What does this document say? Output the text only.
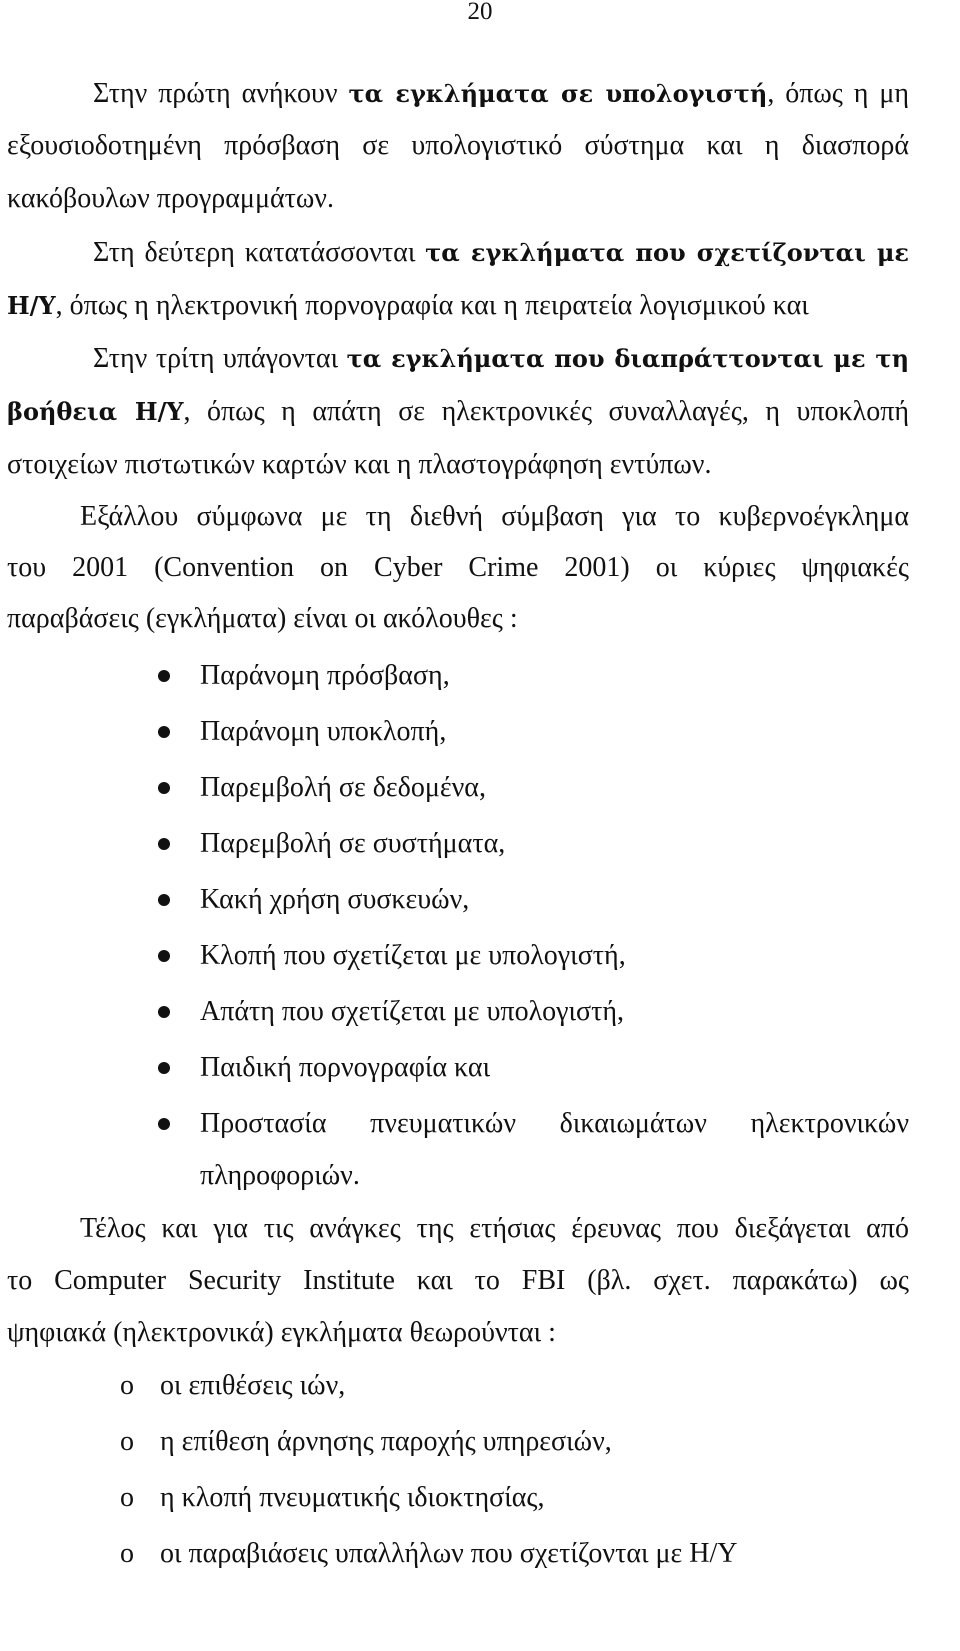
20
Στην πρώτη ανήκουν τα εγκλήματα σε υπολογιστή, όπως η μη
εξουσιοδοτημένη πρόσβαση σε υπολογιστικό σύστημα και η διασπορά
κακόβουλων προγραμμάτων.
Στη δεύτερη κατατάσσονται τα εγκλήματα που σχετίζονται με
Η/Υ, όπως η ηλεκτρονική πορνογραφία και η πειρατεία λογισμικού και
Στην τρίτη υπάγονται τα εγκλήματα που διαπράττονται με τη
βοήθεια Η/Υ, όπως η απάτη σε ηλεκτρονικές συναλλαγές, η υποκλοπή
στοιχείων πιστωτικών καρτών και η πλαστογράφηση εντύπων.
Εξάλλου σύμφωνα με τη διεθνή σύμβαση για το κυβερνοέγκλημα
του 2001 (Convention on Cyber Crime 2001) οι κύριες ψηφιακές
παραβάσεις (εγκλήματα) είναι οι ακόλουθες :
Παράνομη πρόσβαση,
Παράνομη υποκλοπή,
Παρεμβολή σε δεδομένα,
Παρεμβολή σε συστήματα,
Κακή χρήση συσκευών,
Κλοπή που σχετίζεται με υπολογιστή,
Απάτη που σχετίζεται με υπολογιστή,
Παιδική πορνογραφία και
Προστασία πνευματικών δικαιωμάτων ηλεκτρονικών
πληροφοριών.
Τέλος και για τις ανάγκες της ετήσιας έρευνας που διεξάγεται από
το Computer Security Institute και το FBI (βλ. σχετ. παρακάτω) ως
ψηφιακά (ηλεκτρονικά) εγκλήματα θεωρούνται :
o οι επιθέσεις ιών,
o η επίθεση άρνησης παροχής υπηρεσιών,
o η κλοπή πνευματικής ιδιοκτησίας,
o οι παραβιάσεις υπαλλήλων που σχετίζονται με Η/Υ
